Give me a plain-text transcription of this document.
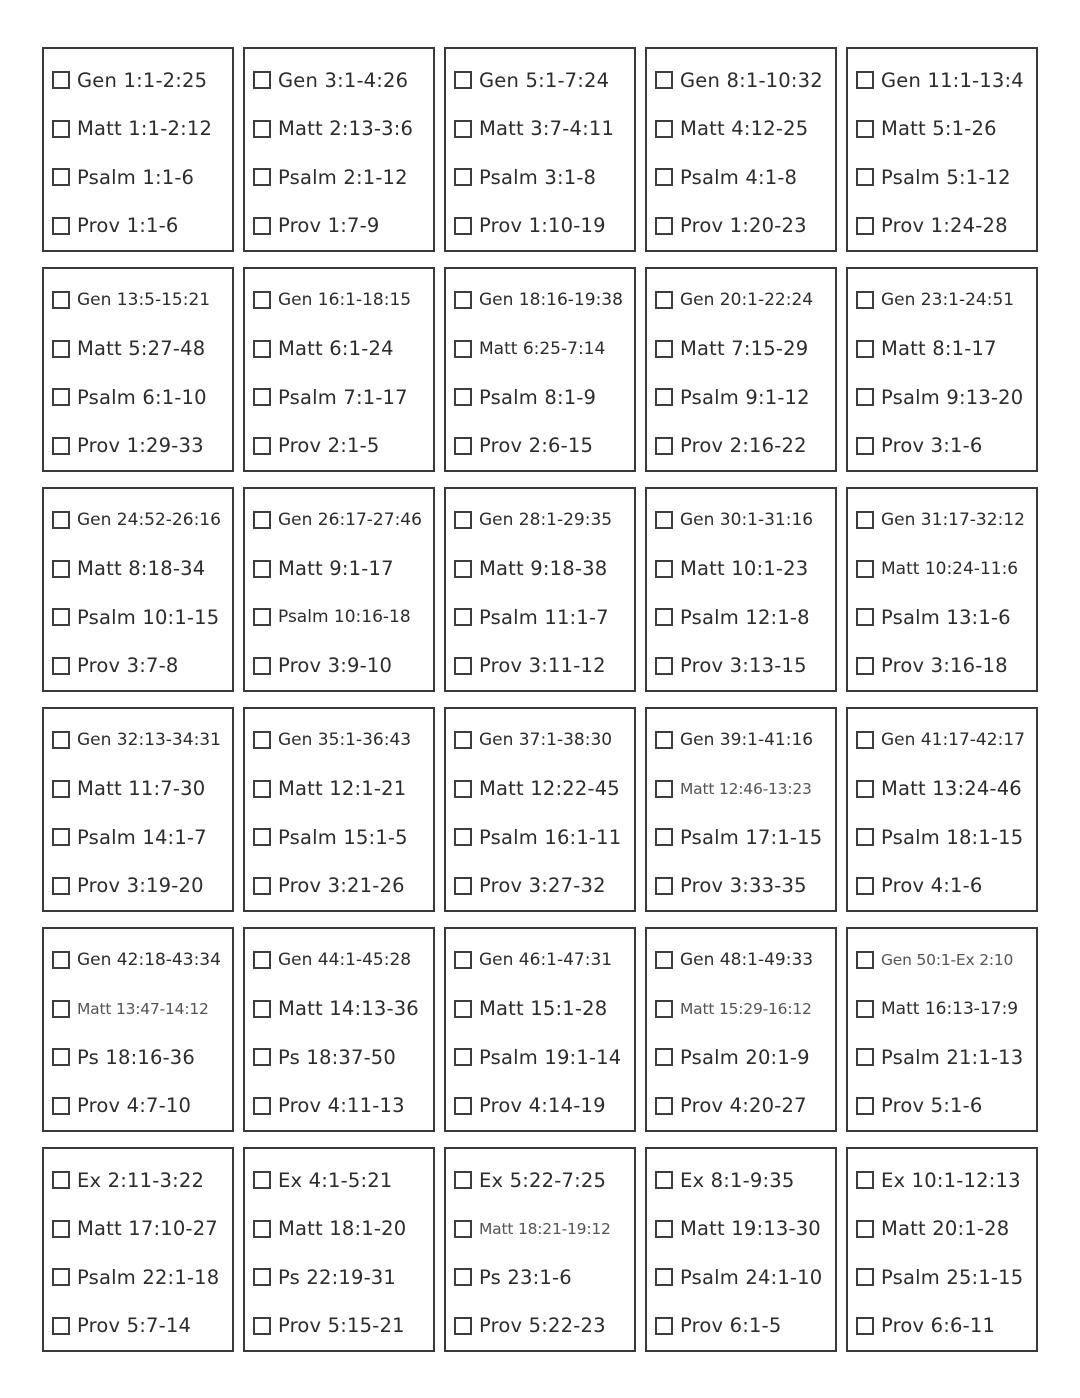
Gen 1:1-2:25
Matt 1:1-2:12
Psalm 1:1-6
Prov 1:1-6
Gen 3:1-4:26
Matt 2:13-3:6
Psalm 2:1-12
Prov 1:7-9
Gen 5:1-7:24
Matt 3:7-4:11
Psalm 3:1-8
Prov 1:10-19
Gen 8:1-10:32
Matt 4:12-25
Psalm 4:1-8
Prov 1:20-23
Gen 11:1-13:4
Matt 5:1-26
Psalm 5:1-12
Prov 1:24-28
Gen 13:5-15:21
Matt 5:27-48
Psalm 6:1-10
Prov 1:29-33
Gen 16:1-18:15
Matt 6:1-24
Psalm 7:1-17
Prov 2:1-5
Gen 18:16-19:38
Matt 6:25-7:14
Psalm 8:1-9
Prov 2:6-15
Gen 20:1-22:24
Matt 7:15-29
Psalm 9:1-12
Prov 2:16-22
Gen 23:1-24:51
Matt 8:1-17
Psalm 9:13-20
Prov 3:1-6
Gen 24:52-26:16
Matt 8:18-34
Psalm 10:1-15
Prov 3:7-8
Gen 26:17-27:46
Matt 9:1-17
Psalm 10:16-18
Prov 3:9-10
Gen 28:1-29:35
Matt 9:18-38
Psalm 11:1-7
Prov 3:11-12
Gen 30:1-31:16
Matt 10:1-23
Psalm 12:1-8
Prov 3:13-15
Gen 31:17-32:12
Matt 10:24-11:6
Psalm 13:1-6
Prov 3:16-18
Gen 32:13-34:31
Matt 11:7-30
Psalm 14:1-7
Prov 3:19-20
Gen 35:1-36:43
Matt 12:1-21
Psalm 15:1-5
Prov 3:21-26
Gen 37:1-38:30
Matt 12:22-45
Psalm 16:1-11
Prov 3:27-32
Gen 39:1-41:16
Matt 12:46-13:23
Psalm 17:1-15
Prov 3:33-35
Gen 41:17-42:17
Matt 13:24-46
Psalm 18:1-15
Prov 4:1-6
Gen 42:18-43:34
Matt 13:47-14:12
Ps 18:16-36
Prov 4:7-10
Gen 44:1-45:28
Matt 14:13-36
Ps 18:37-50
Prov 4:11-13
Gen 46:1-47:31
Matt 15:1-28
Psalm 19:1-14
Prov 4:14-19
Gen 48:1-49:33
Matt 15:29-16:12
Psalm 20:1-9
Prov 4:20-27
Gen 50:1-Ex 2:10
Matt 16:13-17:9
Psalm 21:1-13
Prov 5:1-6
Ex 2:11-3:22
Matt 17:10-27
Psalm 22:1-18
Prov 5:7-14
Ex 4:1-5:21
Matt 18:1-20
Ps 22:19-31
Prov 5:15-21
Ex 5:22-7:25
Matt 18:21-19:12
Ps 23:1-6
Prov 5:22-23
Ex 8:1-9:35
Matt 19:13-30
Psalm 24:1-10
Prov 6:1-5
Ex 10:1-12:13
Matt 20:1-28
Psalm 25:1-15
Prov 6:6-11
